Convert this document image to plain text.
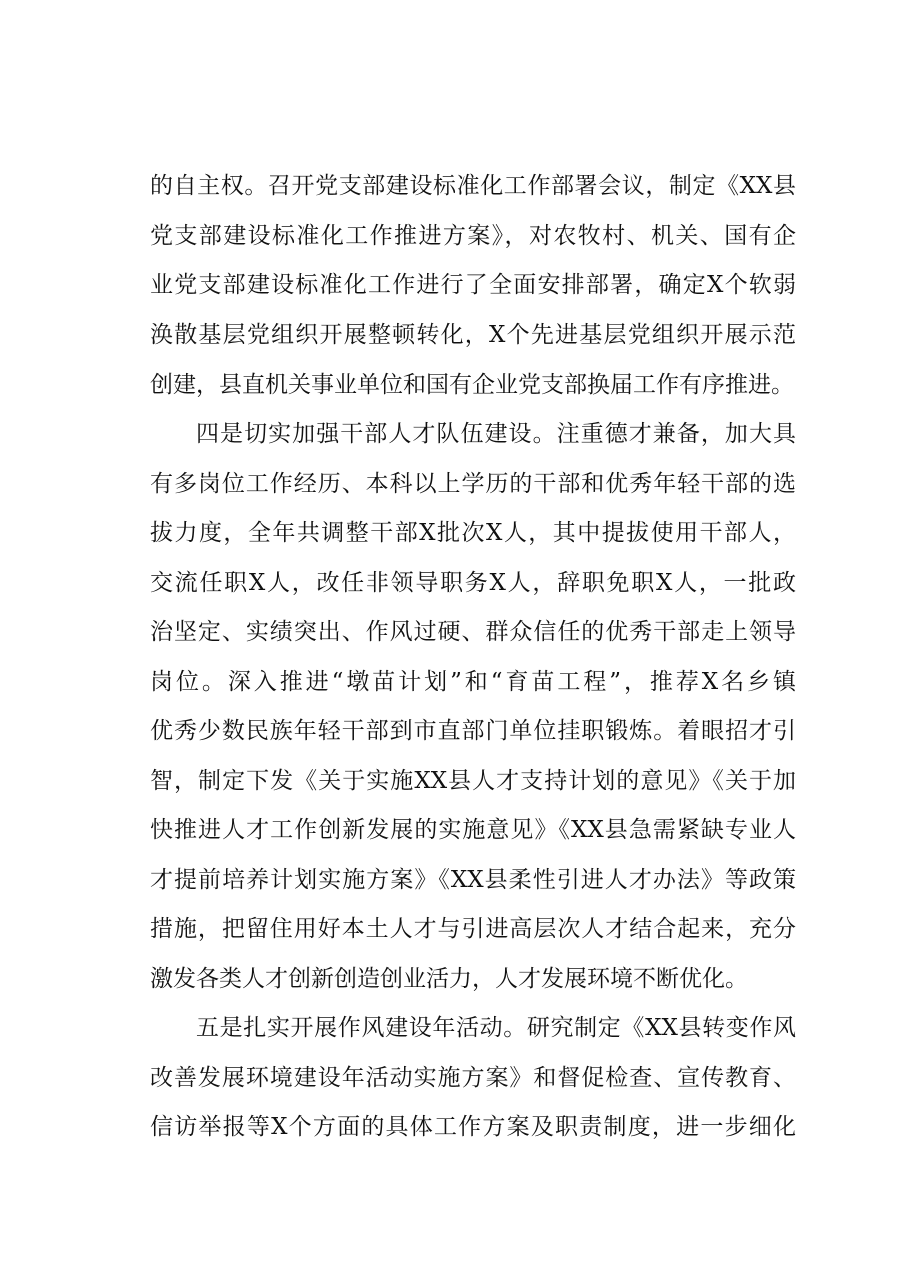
的自主权。召开党支部建设标准化工作部署会议，制定《XX县
党支部建设标准化工作推进方案》，对农牧村、机关、国有企
业党支部建设标准化工作进行了全面安排部署，确定X个软弱
涣散基层党组织开展整顿转化，X个先进基层党组织开展示范
创建，县直机关事业单位和国有企业党支部换届工作有序推进。
四是切实加强干部人才队伍建设。注重德才兼备，加大具
有多岗位工作经历、本科以上学历的干部和优秀年轻干部的选
拔力度，全年共调整干部X批次X人，其中提拔使用干部人，
交流任职X人，改任非领导职务X人，辞职免职X人，一批政
治坚定、实绩突出、作风过硬、群众信任的优秀干部走上领导
岗位。深入推进“墩苗计划”和“育苗工程”，推荐X名乡镇
优秀少数民族年轻干部到市直部门单位挂职锻炼。着眼招才引
智，制定下发《关于实施XX县人才支持计划的意见》《关于加
快推进人才工作创新发展的实施意见》《XX县急需紧缺专业人
才提前培养计划实施方案》《XX县柔性引进人才办法》等政策
措施，把留住用好本土人才与引进高层次人才结合起来，充分
激发各类人才创新创造创业活力，人才发展环境不断优化。
五是扎实开展作风建设年活动。研究制定《XX县转变作风
改善发展环境建设年活动实施方案》和督促检查、宣传教育、
信访举报等X个方面的具体工作方案及职责制度，进一步细化
